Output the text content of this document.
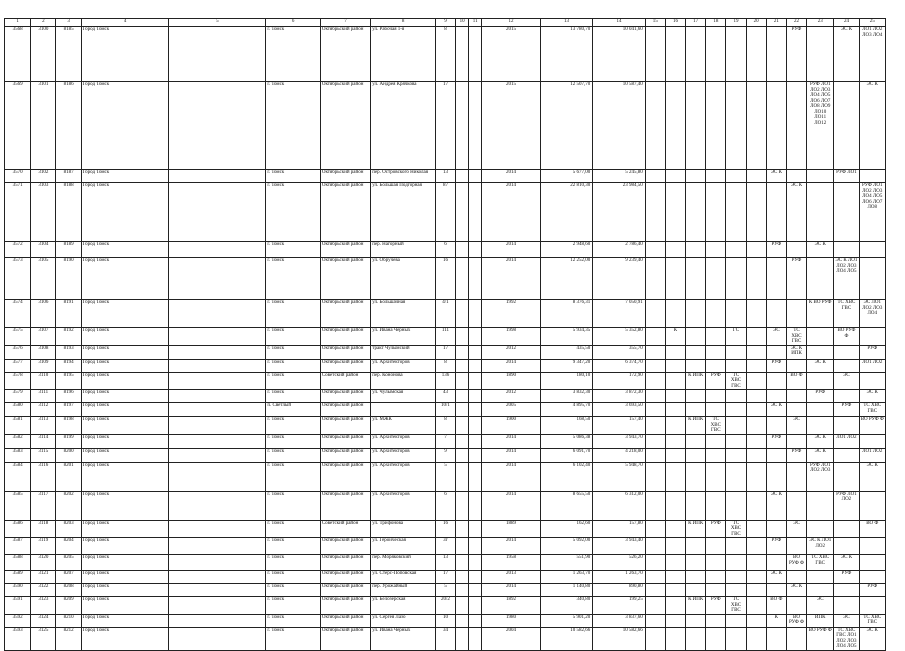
1	2	3	4	5	6	7	8	9	10	11	12	13	14	15	16	17	18	19	20	21	22	23	24	25
3568	3100	8185	Город Томск		г. Томск	Октябрьский район	ул. Рабочая 1-я	8			2015	13 780,70	10 041,60								РУФ		ЭС К	ЛО1 ЛО2 ЛО3 ЛО4
3569	3101	8186	Город Томск		г. Томск	Октябрьский район	ул. Андрея Крячкова	17			2015	12 507,70	10 587,40									РУФ ЛО1 ЛО2 ЛО3 ЛО4 ЛО5 ЛО6 ЛО7 ЛО8 ЛО9 ЛО10 ЛО11 ЛО12		ЭС К
3570	3102	8187	Город Томск		г. Томск	Октябрьский район	пер. Островского Николая	13			2014	5 677,00	5 245,80							ЭС К			РУФ ЛО1	
3571	3103	8188	Город Томск		г. Томск	Октябрьский район	ул. Большая Подгорная	87			2014	22 810,30	23 984,50								ЭС К			РУФ ЛО1 ЛО2 ЛО3 ЛО4 ЛО5 ЛО6 ЛО7 ЛО8
3572	3104	8189	Город Томск		г. Томск	Октябрьский район	пер. Нагорный	6			2014	2 948,60	2 786,40							РУФ		ЭС К		
3573	3105	8190	Город Томск		г. Томск	Октябрьский район	ул. Обручева	16			2014	12 252,00	9 239,40								РУФ		ЭС К ЛО1 ЛО2 ЛО3 ЛО4 ЛО5	
3574	3106	8191	Город Томск		г. Томск	Октябрьский район	ул. Большачная	4/1			1992	8 376,31	7 050,91									К ВО РУФ	ТС ХВС ГВС	ЭС ЛО1 ЛО2 ЛО3 ЛО4
3575	3107	8192	Город Томск		г. Томск	Октябрьский район	ул. Ивана Черных	111			1998	5 934,35	5 352,80		К			ГС		ЭС	ТС ХВС ГВС		ВО РУФ Ф	
3576	3108	8193	Город Томск		г. Томск	Октябрьский район	тракт Чулымский	17			2012	435,50	355,70								ЭС К ИПК			РУФ
3577	3109	8194	Город Томск		г. Томск	Октябрьский район	ул. Архитекторов	8			2014	9 347,20	6 374,70							РУФ		ЭС К		ЛО1 ЛО2
3578	3110	8195	Город Томск		г. Томск	Советский район	пер. Кононова	136			1890	180,10	172,90			К ИПК	РУФ	ТС ХВС ГВС			ВО Ф		ЭС	
3579	3111	8196	Город Томск		г. Томск	Октябрьский район	ул. Чулымская	43			2012	3 832,30	3 872,30									РУФ		ЭС К
3580	3112	8197	Город Томск		п. Светлый	Октябрьский район		10/1			2005	4 895,70	3 693,50							ЭС К			РУФ	ТС ХВС ГВС
3581	3113	8198	Город Томск		г. Томск	Октябрьский район	ул. МЖК	8			1900	168,50	157,40			К ИПК	ТС ХВС ГВС				ЭС			ВО РУФ Ф
3582	3114	8199	Город Томск		г. Томск	Октябрьский район	ул. Архитекторов	7			2014	5 086,38	3 943,70							РУФ		ЭС К	ЛО1 ЛО2	
3583	3115	8200	Город Томск		г. Томск	Октябрьский район	ул. Архитекторов	9			2014	6 091,70	4 218,00								РУФ	ЭС К		ЛО1 ЛО2
3584	3116	8201	Город Томск		г. Томск	Октябрьский район	ул. Архитекторов	5			2014	6 102,40	5 948,70									РУФ ЛО1 ЛО2 ЛО3		ЭС К
3585	3117	8202	Город Томск		г. Томск	Октябрьский район	ул. Архитекторов	6			2014	8 655,50	6 312,00							ЭС К			РУФ ЛО1 ЛО2	
3586	3118	8203	Город Томск		г. Томск	Советский район	ул. Трифонова	16			1889	162,60	157,80			К ИПК	РУФ	ТС ХВС ГВС			ЭС			ВО Ф
3587	3119	8204	Город Томск		г. Томск	Октябрьский район	ул. Героическая	3г			2014	5 092,00	3 943,40							РУФ		ЭС К ЛО1 ЛО2		
3588	3120	8205	Город Томск		г. Томск	Октябрьский район	пер. Моряковский	13			1958	551,90	526,20								ВО РУФ Ф	ТС ХВС ГВС	ЭС К	
3589	3121	8207	Город Томск		г. Томск	Октябрьский район	ул. Стерс-Поповская	17			2013	1 263,70	1 263,70							ЭС К			РУФ	
3590	3122	8208	Город Томск		г. Томск	Октябрьский район	пер. Урожайный	5			2014	1 140,80	890,80								ЭС К			РУФ
3591	3123	8209	Город Томск		г. Томск	Октябрьский район	ул. Белозерская	20/2			1892	340,80	199,25			К ИПК	РУФ	ТС ХВС ГВС		ВО Ф		ЭС		
3592	3124	8210	Город Томск		г. Томск	Октябрьский район	ул. Сергея Лазо	10			1980	5 901,20	3 837,60							К	ВО РУФ Ф	ИПК	ЭС	ТС ХВС ГВС
3593	3125	8212	Город Томск		г. Томск	Октябрьский район	ул. Ивана Черных	34			2004	10 582,66	10 582,66									ВО РУФ Ф	ТС ХВС ГВС ЛО1 ЛО2 ЛО3 ЛО4 ЛО5	ЭС К
